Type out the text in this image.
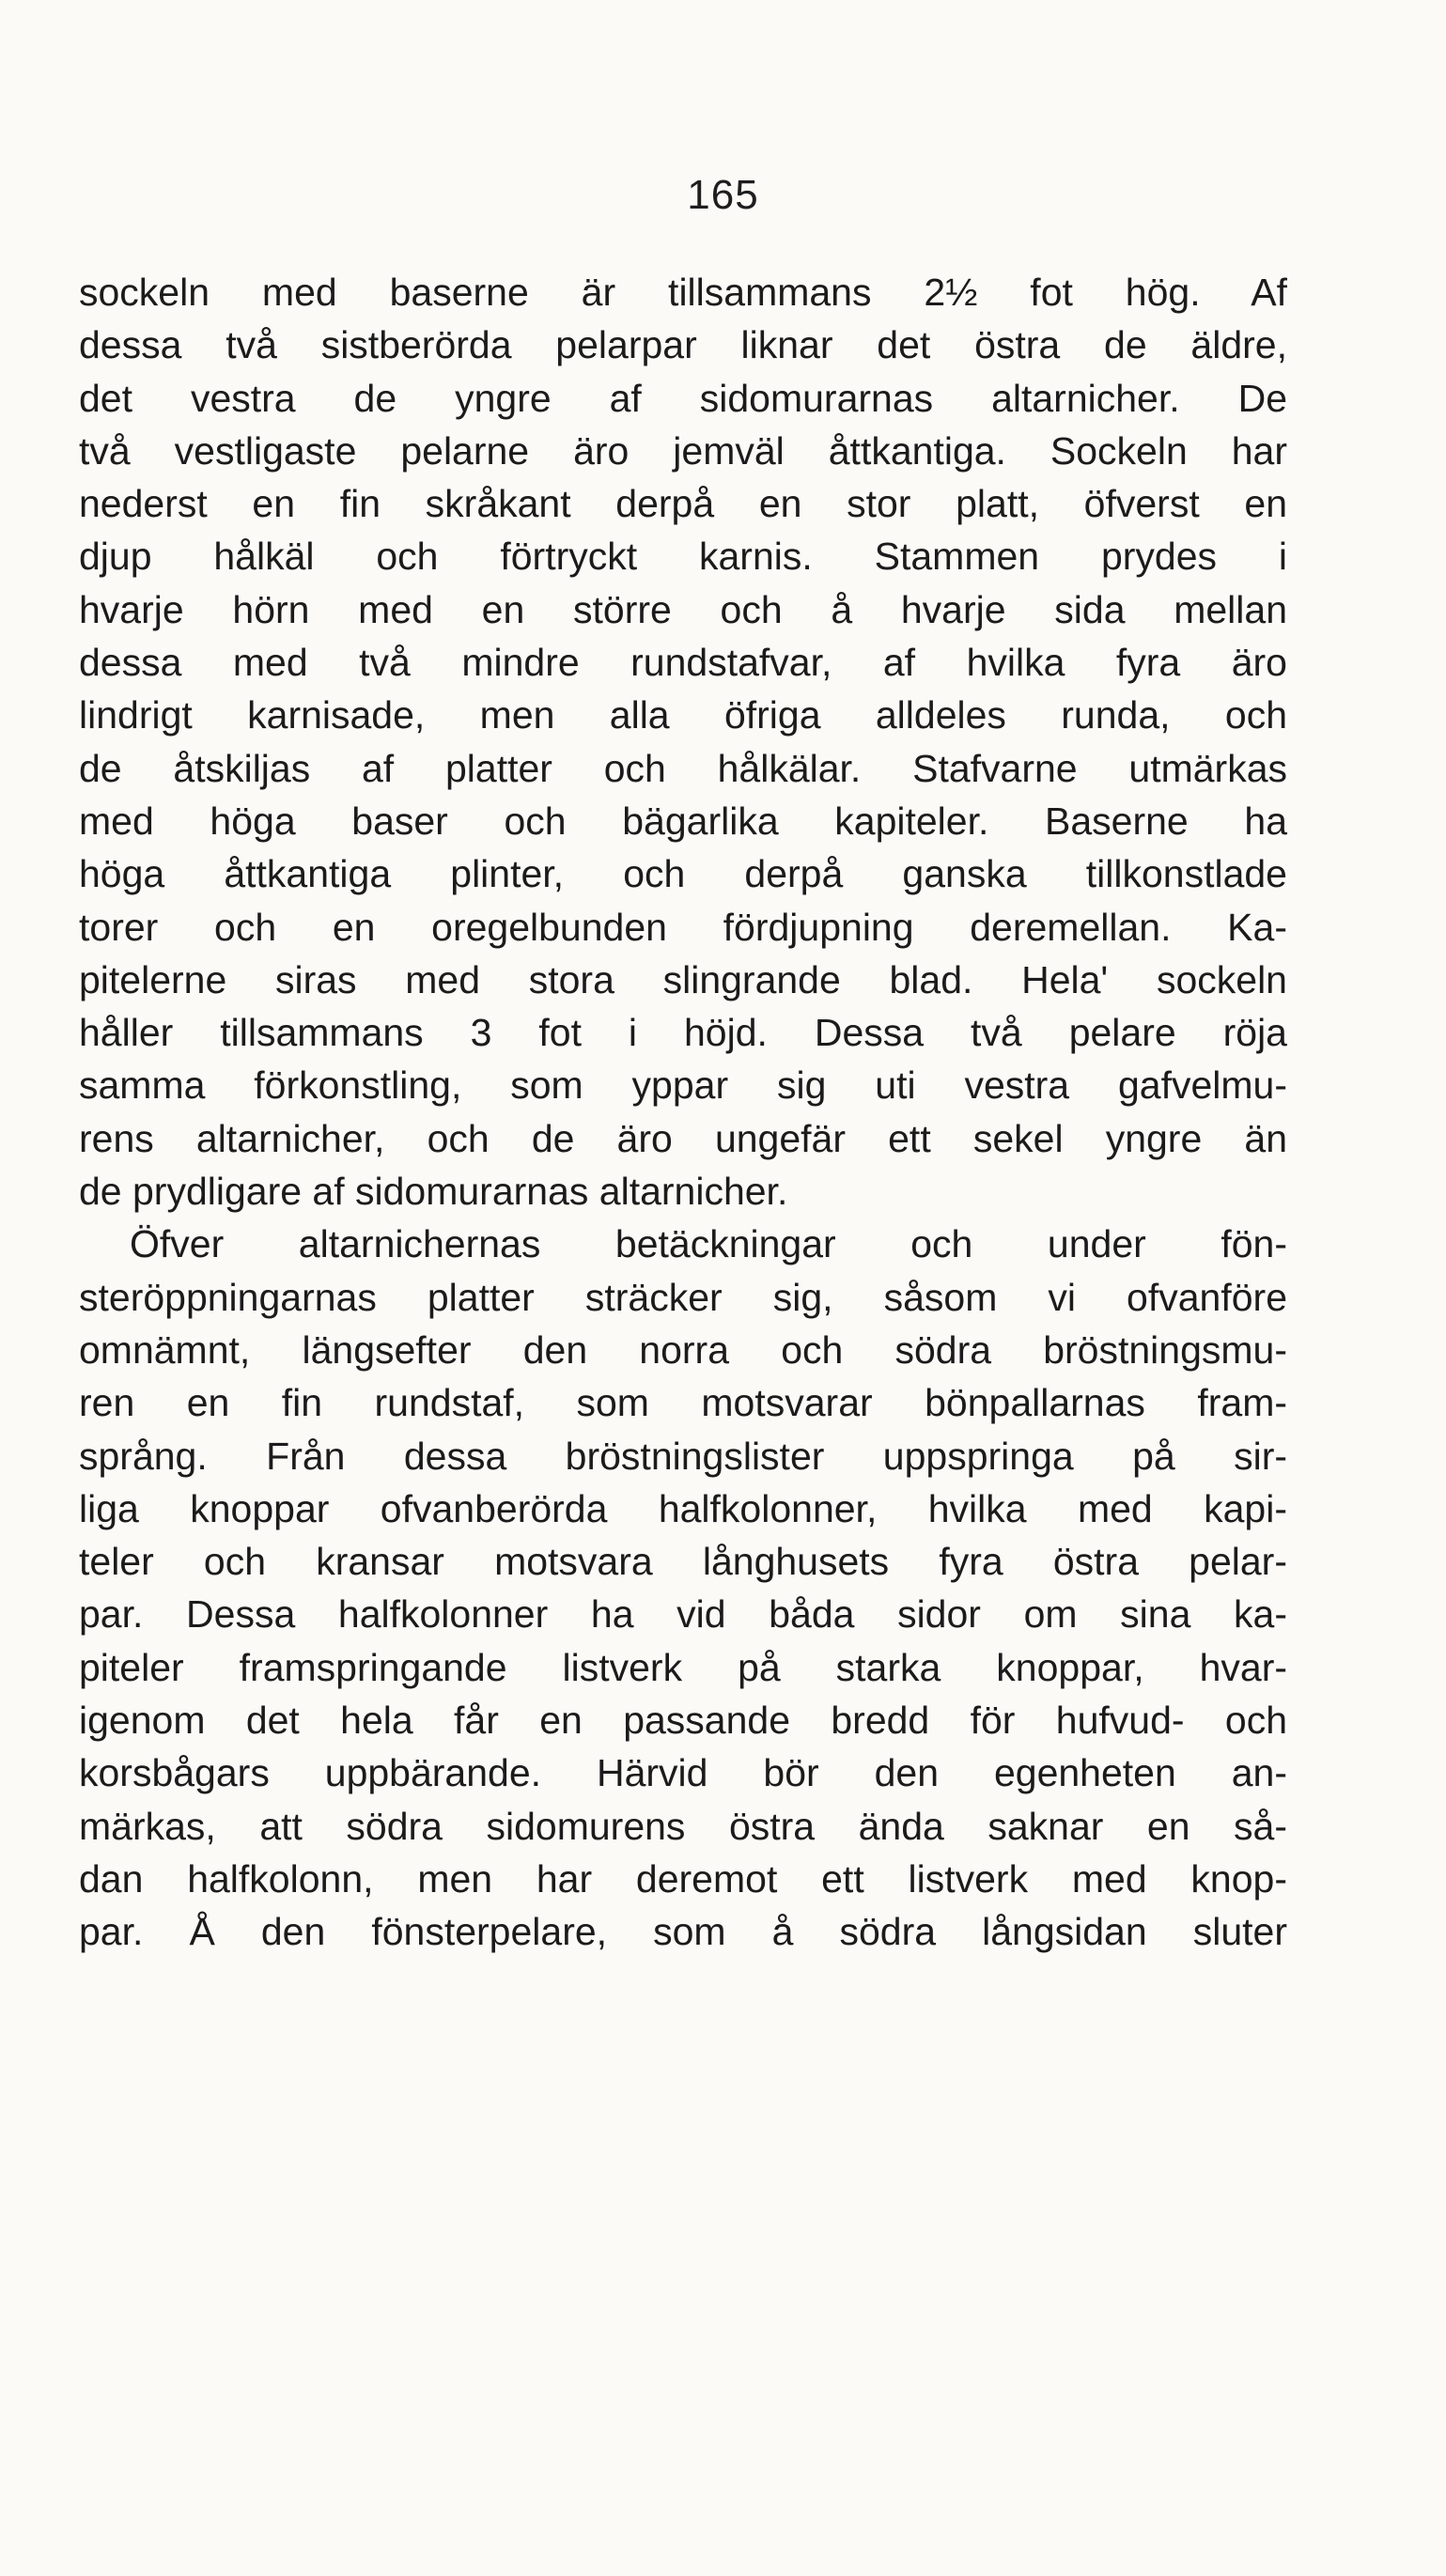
165
sockeln med baserne är tillsammans 2½ fot hög. Af
dessa två sistberörda pelarpar liknar det östra de äldre,
det vestra de yngre af sidomurarnas altarnicher. De
två vestligaste pelarne äro jemväl åttkantiga. Sockeln har
nederst en fin skråkant derpå en stor platt, öfverst en
djup hålkäl och förtryckt karnis. Stammen prydes i
hvarje hörn med en större och å hvarje sida mellan
dessa med två mindre rundstafvar, af hvilka fyra äro
lindrigt karnisade, men alla öfriga alldeles runda, och
de åtskiljas af platter och hålkälar. Stafvarne utmärkas
med höga baser och bägarlika kapiteler. Baserne ha
höga åttkantiga plinter, och derpå ganska tillkonstlade
torer och en oregelbunden fördjupning deremellan. Ka-
pitelerne siras med stora slingrande blad. Hela' sockeln
håller tillsammans 3 fot i höjd. Dessa två pelare röja
samma förkonstling, som yppar sig uti vestra gafvelmu-
rens altarnicher, och de äro ungefär ett sekel yngre än
de prydligare af sidomurarnas altarnicher.
Öfver altarnichernas betäckningar och under fön-
steröppningarnas platter sträcker sig, såsom vi ofvanföre
omnämnt, längsefter den norra och södra bröstningsmu-
ren en fin rundstaf, som motsvarar bönpallarnas fram-
språng. Från dessa bröstningslister uppspringa på sir-
liga knoppar ofvanberörda halfkolonner, hvilka med kapi-
teler och kransar motsvara långhusets fyra östra pelar-
par. Dessa halfkolonner ha vid båda sidor om sina ka-
piteler framspringande listverk på starka knoppar, hvar-
igenom det hela får en passande bredd för hufvud- och
korsbågars uppbärande. Härvid bör den egenheten an-
märkas, att södra sidomurens östra ända saknar en så-
dan halfkolonn, men har deremot ett listverk med knop-
par. Å den fönsterpelare, som å södra långsidan sluter
